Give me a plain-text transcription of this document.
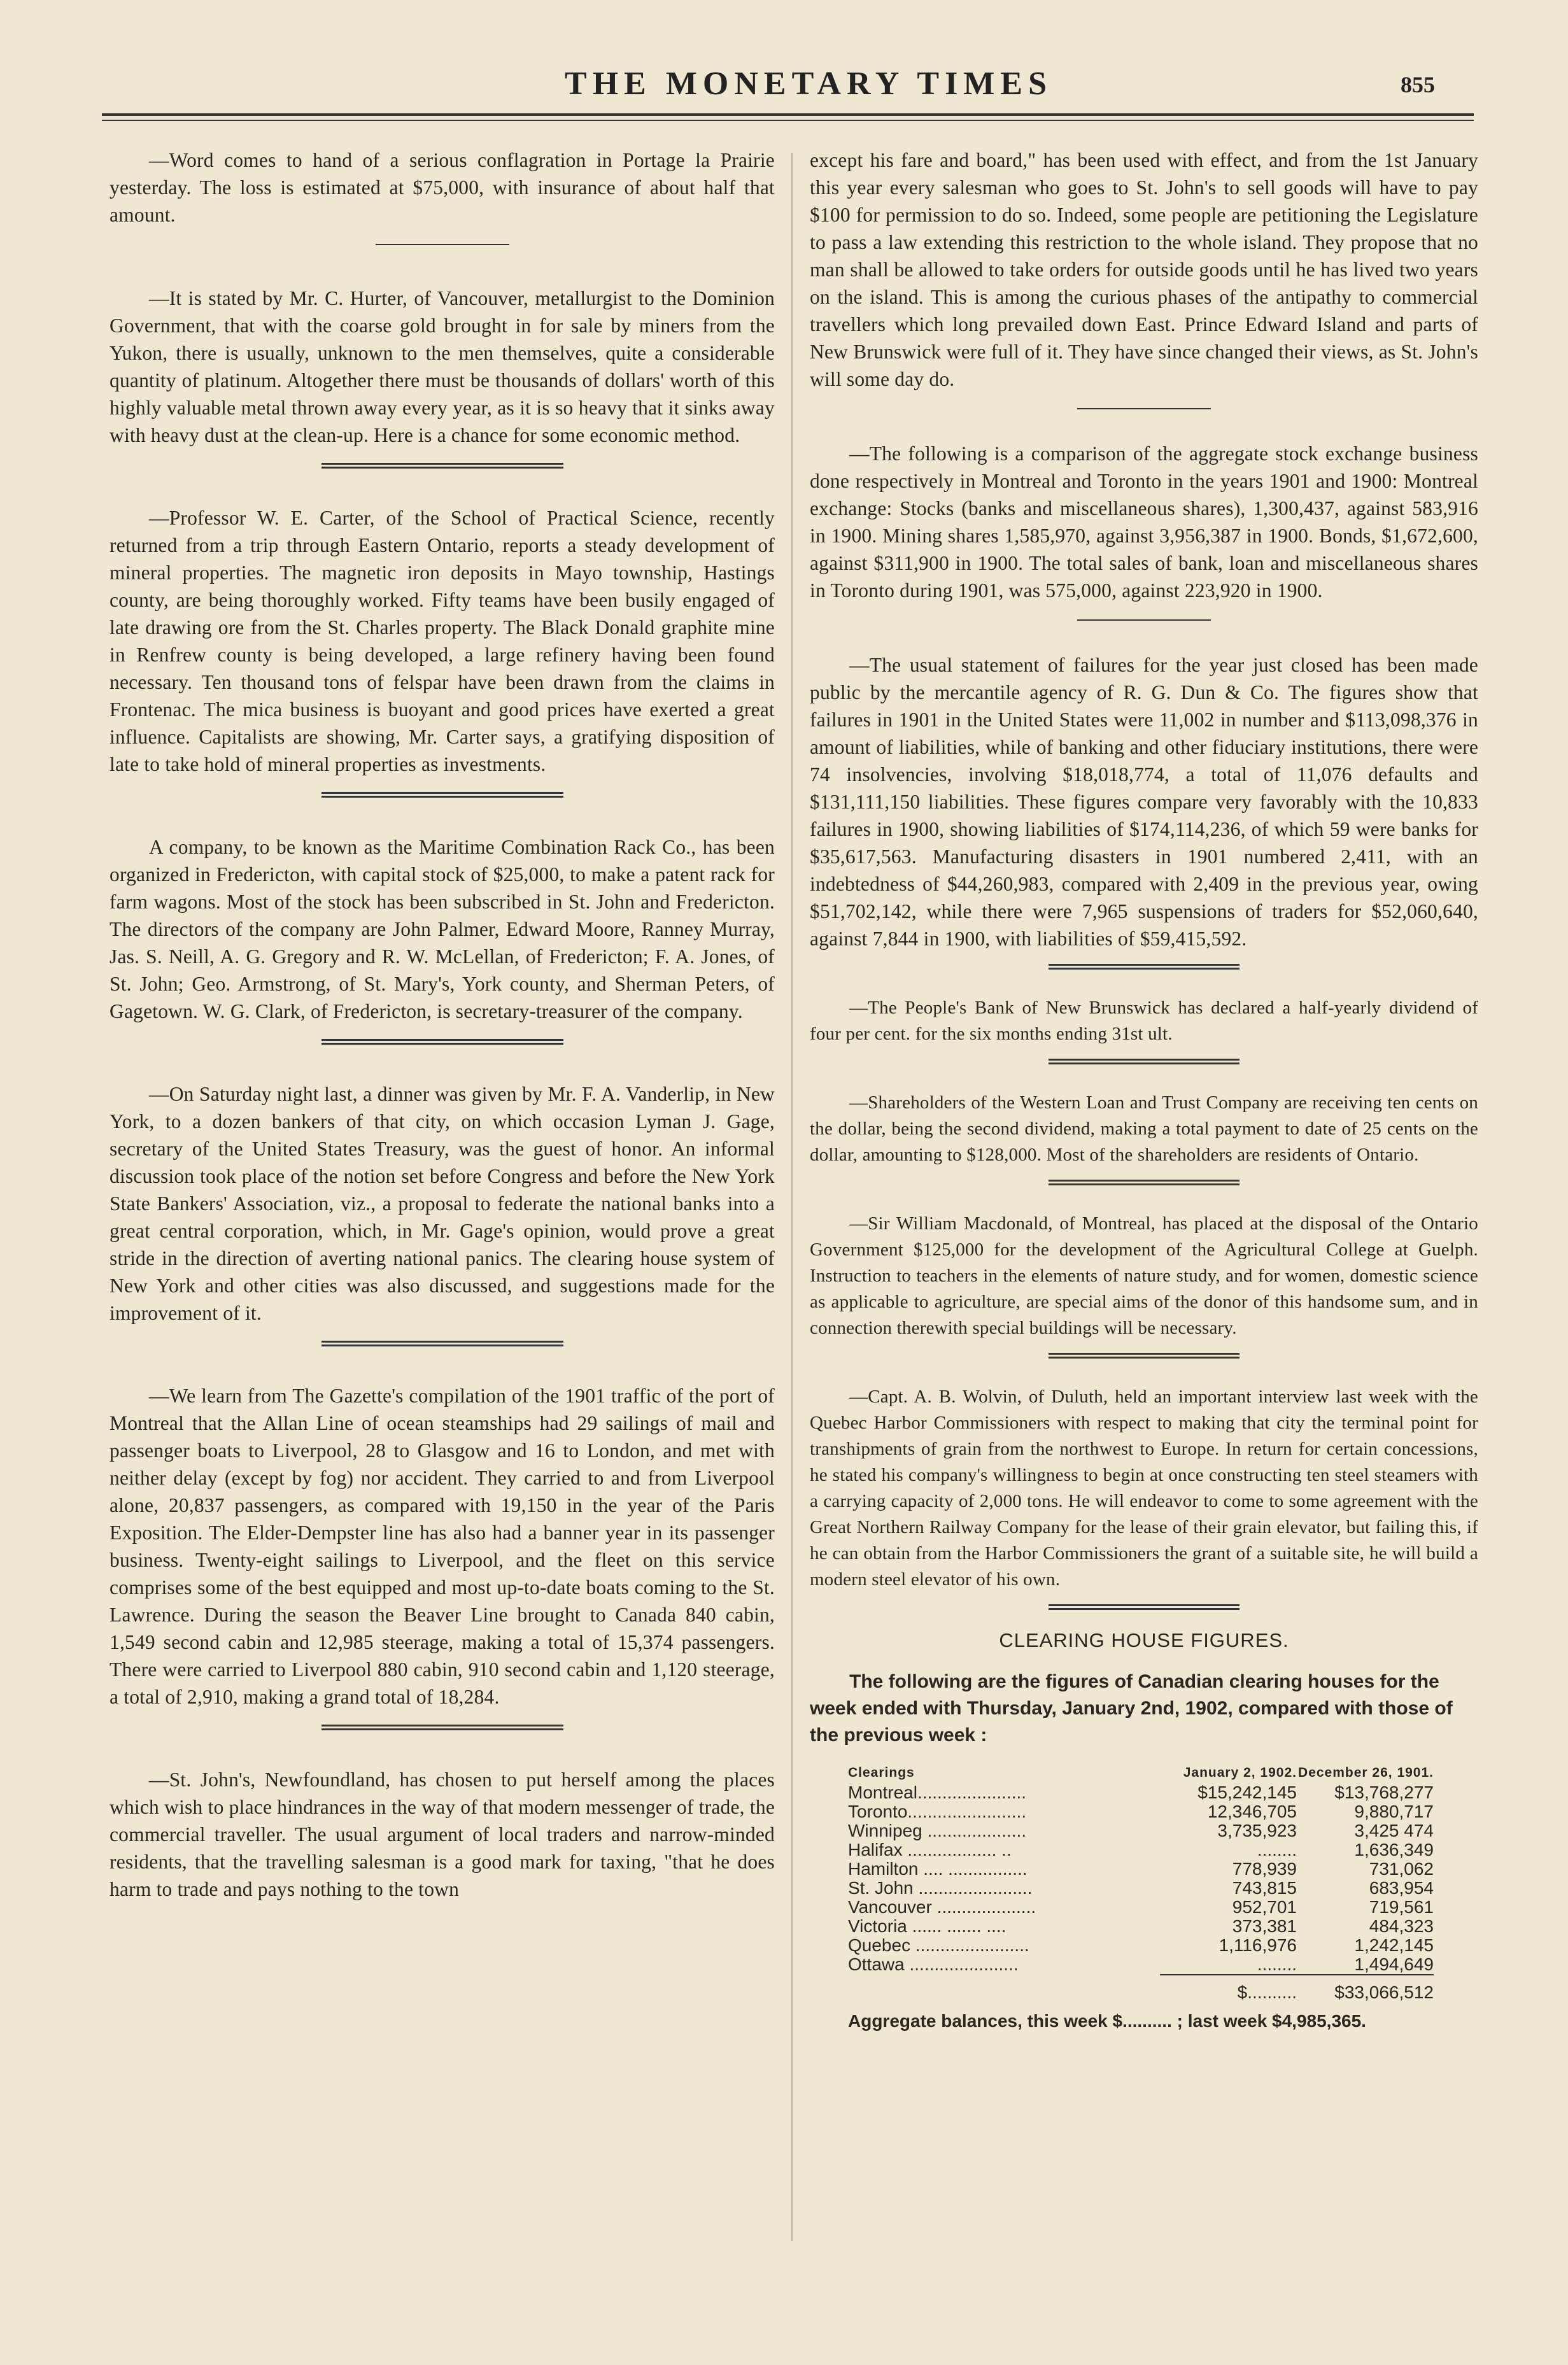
THE MONETARY TIMES	855

—Word comes to hand of a serious conflagration in Portage la Prairie yesterday. The loss is estimated at $75,000, with insurance of about half that amount.

—It is stated by Mr. C. Hurter, of Vancouver, metallurgist to the Dominion Government, that with the coarse gold brought in for sale by miners from the Yukon, there is usually, unknown to the men themselves, quite a considerable quantity of platinum. Altogether there must be thousands of dollars' worth of this highly valuable metal thrown away every year, as it is so heavy that it sinks away with heavy dust at the clean-up. Here is a chance for some economic method.

—Professor W. E. Carter, of the School of Practical Science, recently returned from a trip through Eastern Ontario, reports a steady development of mineral properties. The magnetic iron deposits in Mayo township, Hastings county, are being thoroughly worked. Fifty teams have been busily engaged of late drawing ore from the St. Charles property. The Black Donald graphite mine in Renfrew county is being developed, a large refinery having been found necessary. Ten thousand tons of felspar have been drawn from the claims in Frontenac. The mica business is buoyant and good prices have exerted a great influence. Capitalists are showing, Mr. Carter says, a gratifying disposition of late to take hold of mineral properties as investments.

A company, to be known as the Maritime Combination Rack Co., has been organized in Fredericton, with capital stock of $25,000, to make a patent rack for farm wagons. Most of the stock has been subscribed in St. John and Fredericton. The directors of the company are John Palmer, Edward Moore, Ranney Murray, Jas. S. Neill, A. G. Gregory and R. W. McLellan, of Fredericton; F. A. Jones, of St. John; Geo. Armstrong, of St. Mary's, York county, and Sherman Peters, of Gagetown. W. G. Clark, of Fredericton, is secretary-treasurer of the company.

—On Saturday night last, a dinner was given by Mr. F. A. Vanderlip, in New York, to a dozen bankers of that city, on which occasion Lyman J. Gage, secretary of the United States Treasury, was the guest of honor. An informal discussion took place of the notion set before Congress and before the New York State Bankers' Association, viz., a proposal to federate the national banks into a great central corporation, which, in Mr. Gage's opinion, would prove a great stride in the direction of averting national panics. The clearing house system of New York and other cities was also discussed, and suggestions made for the improvement of it.

—We learn from The Gazette's compilation of the 1901 traffic of the port of Montreal that the Allan Line of ocean steamships had 29 sailings of mail and passenger boats to Liverpool, 28 to Glasgow and 16 to London, and met with neither delay (except by fog) nor accident. They carried to and from Liverpool alone, 20,837 passengers, as compared with 19,150 in the year of the Paris Exposition. The Elder-Dempster line has also had a banner year in its passenger business. Twenty-eight sailings to Liverpool, and the fleet on this service comprises some of the best equipped and most up-to-date boats coming to the St. Lawrence. During the season the Beaver Line brought to Canada 840 cabin, 1,549 second cabin and 12,985 steerage, making a total of 15,374 passengers. There were carried to Liverpool 880 cabin, 910 second cabin and 1,120 steerage, a total of 2,910, making a grand total of 18,284.

—St. John's, Newfoundland, has chosen to put herself among the places which wish to place hindrances in the way of that modern messenger of trade, the commercial traveller. The usual argument of local traders and narrow-minded residents, that the travelling salesman is a good mark for taxing, "that he does harm to trade and pays nothing to the town

except his fare and board," has been used with effect, and from the 1st January this year every salesman who goes to St. John's to sell goods will have to pay $100 for permission to do so. Indeed, some people are petitioning the Legislature to pass a law extending this restriction to the whole island. They propose that no man shall be allowed to take orders for outside goods until he has lived two years on the island. This is among the curious phases of the antipathy to commercial travellers which long prevailed down East. Prince Edward Island and parts of New Brunswick were full of it. They have since changed their views, as St. John's will some day do.

—The following is a comparison of the aggregate stock exchange business done respectively in Montreal and Toronto in the years 1901 and 1900: Montreal exchange: Stocks (banks and miscellaneous shares), 1,300,437, against 583,916 in 1900. Mining shares 1,585,970, against 3,956,387 in 1900. Bonds, $1,672,600, against $311,900 in 1900. The total sales of bank, loan and miscellaneous shares in Toronto during 1901, was 575,000, against 223,920 in 1900.

—The usual statement of failures for the year just closed has been made public by the mercantile agency of R. G. Dun & Co. The figures show that failures in 1901 in the United States were 11,002 in number and $113,098,376 in amount of liabilities, while of banking and other fiduciary institutions, there were 74 insolvencies, involving $18,018,774, a total of 11,076 defaults and $131,111,150 liabilities. These figures compare very favorably with the 10,833 failures in 1900, showing liabilities of $174,114,236, of which 59 were banks for $35,617,563. Manufacturing disasters in 1901 numbered 2,411, with an indebtedness of $44,260,983, compared with 2,409 in the previous year, owing $51,702,142, while there were 7,965 suspensions of traders for $52,060,640, against 7,844 in 1900, with liabilities of $59,415,592.

—The People's Bank of New Brunswick has declared a half-yearly dividend of four per cent. for the six months ending 31st ult.

—Shareholders of the Western Loan and Trust Company are receiving ten cents on the dollar, being the second dividend, making a total payment to date of 25 cents on the dollar, amounting to $128,000. Most of the shareholders are residents of Ontario.

—Sir William Macdonald, of Montreal, has placed at the disposal of the Ontario Government $125,000 for the development of the Agricultural College at Guelph. Instruction to teachers in the elements of nature study, and for women, domestic science as applicable to agriculture, are special aims of the donor of this handsome sum, and in connection therewith special buildings will be necessary.

—Capt. A. B. Wolvin, of Duluth, held an important interview last week with the Quebec Harbor Commissioners with respect to making that city the terminal point for transhipments of grain from the northwest to Europe. In return for certain concessions, he stated his company's willingness to begin at once constructing ten steel steamers with a carrying capacity of 2,000 tons. He will endeavor to come to some agreement with the Great Northern Railway Company for the lease of their grain elevator, but failing this, if he can obtain from the Harbor Commissioners the grant of a suitable site, he will build a modern steel elevator of his own.

CLEARING HOUSE FIGURES.

The following are the figures of Canadian clearing houses for the week ended with Thursday, January 2nd, 1902, compared with those of the previous week :

Clearings	January 2, 1902.	December 26, 1901.
Montreal......................	$15,242,145	$13,768,277
Toronto........................	12,346,705	9,880,717
Winnipeg ....................	3,735,923	3,425 474
Halifax .................. ..	........	1,636,349
Hamilton .... ................	778,939	731,062
St. John .......................	743,815	683,954
Vancouver ....................	952,701	719,561
Victoria ...... ....... ....	373,381	484,323
Quebec .......................	1,116,976	1,242,145
Ottawa ......................	........	1,494,649
	$..........	$33,066,512
Aggregate balances, this week $.......... ; last week $4,985,365.
